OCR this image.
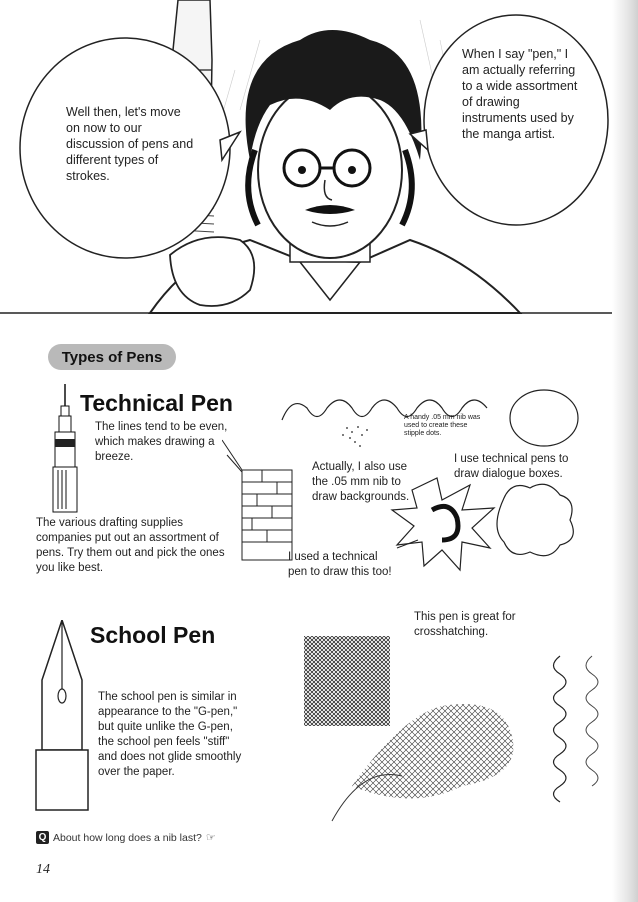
Well then, let's move on now to our discussion of pens and different types of strokes.
When I say "pen," I am actually referring to a wide assortment of drawing instruments used by the manga artist.
Types of Pens
Technical Pen
The lines tend to be even, which makes drawing a breeze.
The various drafting supplies companies put out an assortment of pens. Try them out and pick the ones you like best.
A handy .05 mm nib was used to create these stipple dots.
Actually, I also use the .05 mm nib to draw backgrounds.
I use technical pens to draw dialogue boxes.
I used a technical pen to draw this too!
School Pen
The school pen is similar in appearance to the "G-pen," but quite unlike the G-pen, the school pen feels "stiff" and does not glide smoothly over the paper.
This pen is great for crosshatching.
Q About how long does a nib last? ☞
14
